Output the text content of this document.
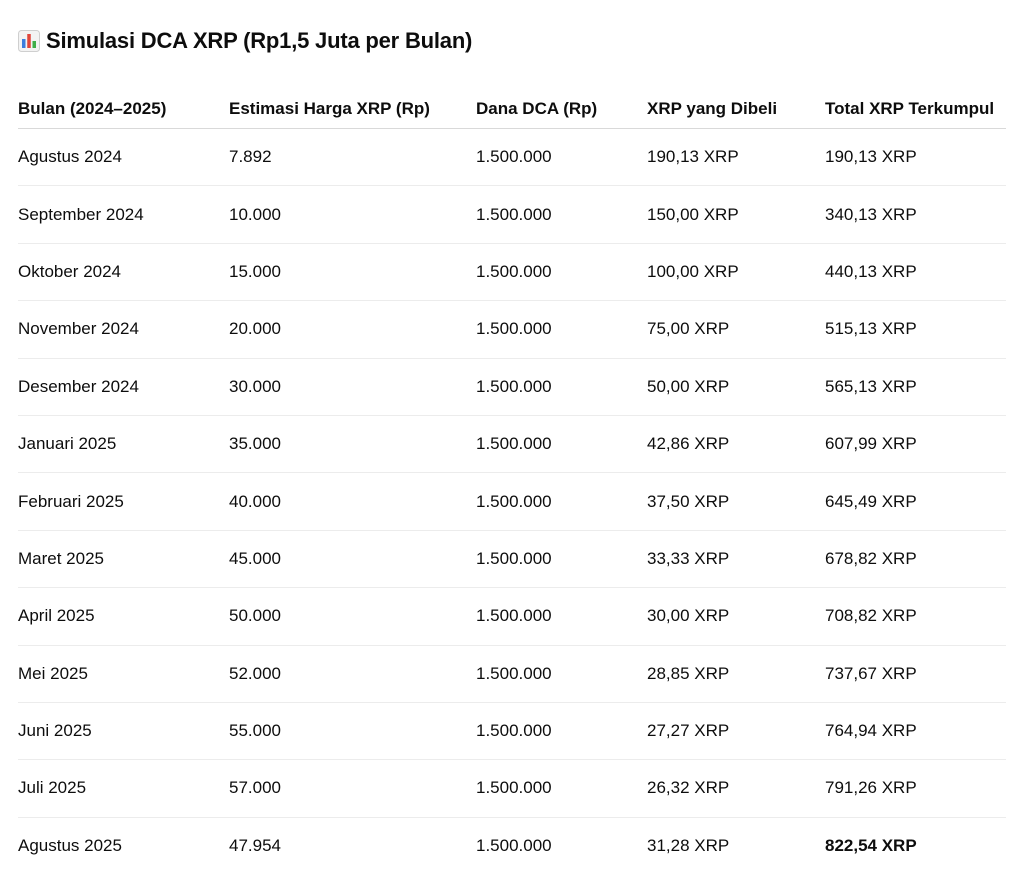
Simulasi DCA XRP (Rp1,5 Juta per Bulan)
Bulan (2024–2025)	Estimasi Harga XRP (Rp)	Dana DCA (Rp)	XRP yang Dibeli	Total XRP Terkumpul
Agustus 2024	7.892	1.500.000	190,13 XRP	190,13 XRP
September 2024	10.000	1.500.000	150,00 XRP	340,13 XRP
Oktober 2024	15.000	1.500.000	100,00 XRP	440,13 XRP
November 2024	20.000	1.500.000	75,00 XRP	515,13 XRP
Desember 2024	30.000	1.500.000	50,00 XRP	565,13 XRP
Januari 2025	35.000	1.500.000	42,86 XRP	607,99 XRP
Februari 2025	40.000	1.500.000	37,50 XRP	645,49 XRP
Maret 2025	45.000	1.500.000	33,33 XRP	678,82 XRP
April 2025	50.000	1.500.000	30,00 XRP	708,82 XRP
Mei 2025	52.000	1.500.000	28,85 XRP	737,67 XRP
Juni 2025	55.000	1.500.000	27,27 XRP	764,94 XRP
Juli 2025	57.000	1.500.000	26,32 XRP	791,26 XRP
Agustus 2025	47.954	1.500.000	31,28 XRP	822,54 XRP
